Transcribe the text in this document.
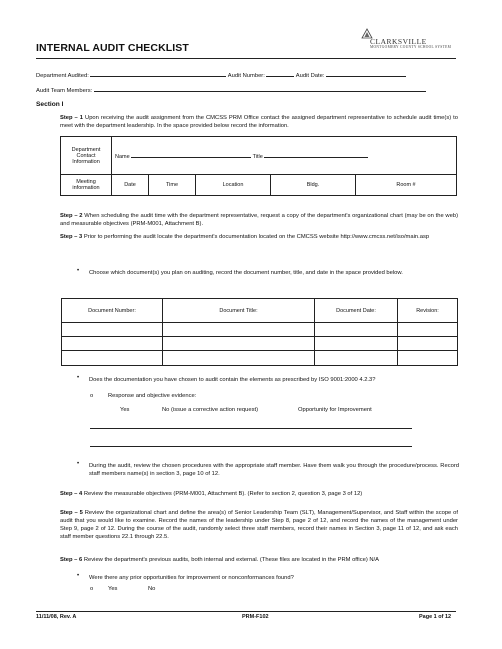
INTERNAL AUDIT CHECKLIST
CLARKSVILLE
MONTGOMERY COUNTY SCHOOL SYSTEM
Department Audited:	Audit Number:	Audit Date:
Audit Team Members:
Section I
Step – 1 Upon receiving the audit assignment from the CMCSS PRM Office contact the assigned department representative to schedule audit time(s) to meet with the department leadership. In the space provided below record the information.
Department Contact Information	Name Title				
Meeting information	Date	Time	Location	Bldg.	Room #
Step – 2 When scheduling the audit time with the department representative, request a copy of the department's organizational chart (may be on the web) and measurable objectives (PRM-M001, Attachment B).
Step – 3 Prior to performing the audit locate the department's documentation located on the CMCSS website http://www.cmcss.net/iso/main.asp
• Choose which document(s) you plan on auditing, record the document number, title, and date in the space provided below.
Document Number:	Document Title:	Document Date:	Revision:

• Does the documentation you have chosen to audit contain the elements as prescribed by ISO 9001:2000 4.2.3?
o	Response and objective evidence:
Yes	No (issue a corrective action request)	Opportunity for Improvement
• During the audit, review the chosen procedures with the appropriate staff member. Have them walk you through the procedure/process. Record staff members name(s) in section 3, page 10 of 12.
Step – 4 Review the measurable objectives (PRM-M001, Attachment B). (Refer to section 2, question 3, page 3 of 12)
Step – 5 Review the organizational chart and define the area(s) of Senior Leadership Team (SLT), Management/Supervisor, and Staff within the scope of audit that you would like to examine. Record the names of the leadership under Step 8, page 2 of 12, and record the names of the management under Step 9, page 2 of 12. During the course of the audit, randomly select three staff members, record their names in Section 3, page 11 of 12, and ask each staff member questions 22.1 through 22.5.
Step – 6 Review the department's previous audits, both internal and external. (These files are located in the PRM office) N/A
• Were there any prior opportunities for improvement or nonconformances found?
o	Yes	No
11/11/08, Rev. A	PRM-F102	Page 1 of 12
